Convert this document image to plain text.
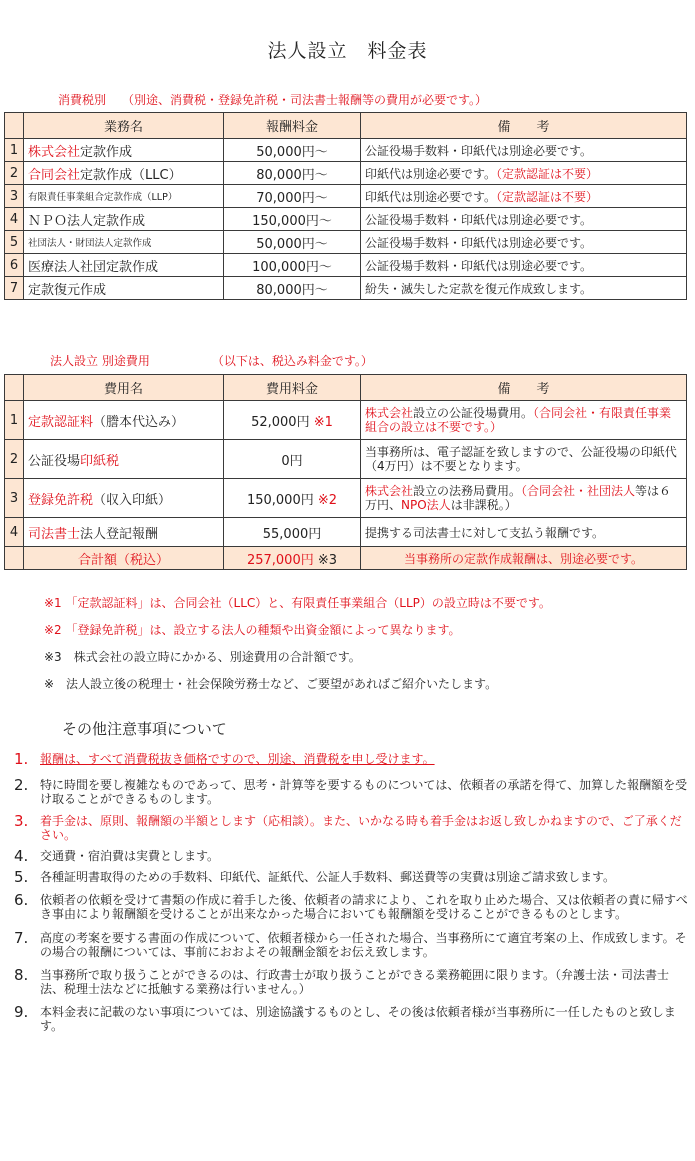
法人設立　料金表
消費税別 （別途、消費税・登録免許税・司法書士報酬等の費用が必要です。）
	業務名	報酬料金	備　　考
1	株式会社定款作成	50,000円～	公証役場手数料・印紙代は別途必要です。
2	合同会社定款作成（LLC）	80,000円～	印紙代は別途必要です。（定款認証は不要）
3	有限責任事業組合定款作成（LLP）	70,000円～	印紙代は別途必要です。（定款認証は不要）
4	ＮＰＯ法人定款作成	150,000円～	公証役場手数料・印紙代は別途必要です。
5	社団法人・財団法人定款作成	50,000円～	公証役場手数料・印紙代は別途必要です。
6	医療法人社団定款作成	100,000円～	公証役場手数料・印紙代は別途必要です。
7	定款復元作成	80,000円～	紛失・滅失した定款を復元作成致します。
法人設立 別途費用	（以下は、税込み料金です。）
	費用名	費用料金	備　　考
1	定款認証料（謄本代込み）	52,000円 ※1	株式会社設立の公証役場費用。（合同会社・有限責任事業組合の設立は不要です。）
2	公証役場印紙税	0円	当事務所は、電子認証を致しますので、公証役場の印紙代（4万円）は不要となります。
3	登録免許税（収入印紙）	150,000円 ※2	株式会社設立の法務局費用。（合同会社・社団法人等は６万円、NPO法人は非課税。）
4	司法書士法人登記報酬	55,000円	提携する司法書士に対して支払う報酬です。
	合計額（税込）	257,000円 ※3	当事務所の定款作成報酬は、別途必要です。
※1 「定款認証料」は、合同会社（LLC）と、有限責任事業組合（LLP）の設立時は不要です。
※2 「登録免許税」は、設立する法人の種類や出資金額によって異なります。
※3　株式会社の設立時にかかる、別途費用の合計額です。
※　法人設立後の税理士・社会保険労務士など、ご要望があればご紹介いたします。
その他注意事項について
1. 報酬は、すべて消費税抜き価格ですので、別途、消費税を申し受けます。
2. 特に時間を要し複雑なものであって、思考・計算等を要するものについては、依頼者の承諾を得て、加算した報酬額を受け取ることができるものします。
3. 着手金は、原則、報酬額の半額とします（応相談）。また、いかなる時も着手金はお返し致しかねますので、ご了承ください。
4. 交通費・宿泊費は実費とします。
5. 各種証明書取得のための手数料、印紙代、証紙代、公証人手数料、郵送費等の実費は別途ご請求致します。
6. 依頼者の依頼を受けて書類の作成に着手した後、依頼者の請求により、これを取り止めた場合、又は依頼者の責に帰すべき事由により報酬額を受けることが出来なかった場合においても報酬額を受けることができるものとします。
7. 高度の考案を要する書面の作成について、依頼者様から一任された場合、当事務所にて適宜考案の上、作成致します。その場合の報酬については、事前におおよその報酬金額をお伝え致します。
8. 当事務所で取り扱うことができるのは、行政書士が取り扱うことができる業務範囲に限ります。（弁護士法・司法書士法、税理士法などに抵触する業務は行いません。）
9. 本料金表に記載のない事項については、別途協議するものとし、その後は依頼者様が当事務所に一任したものと致します。
